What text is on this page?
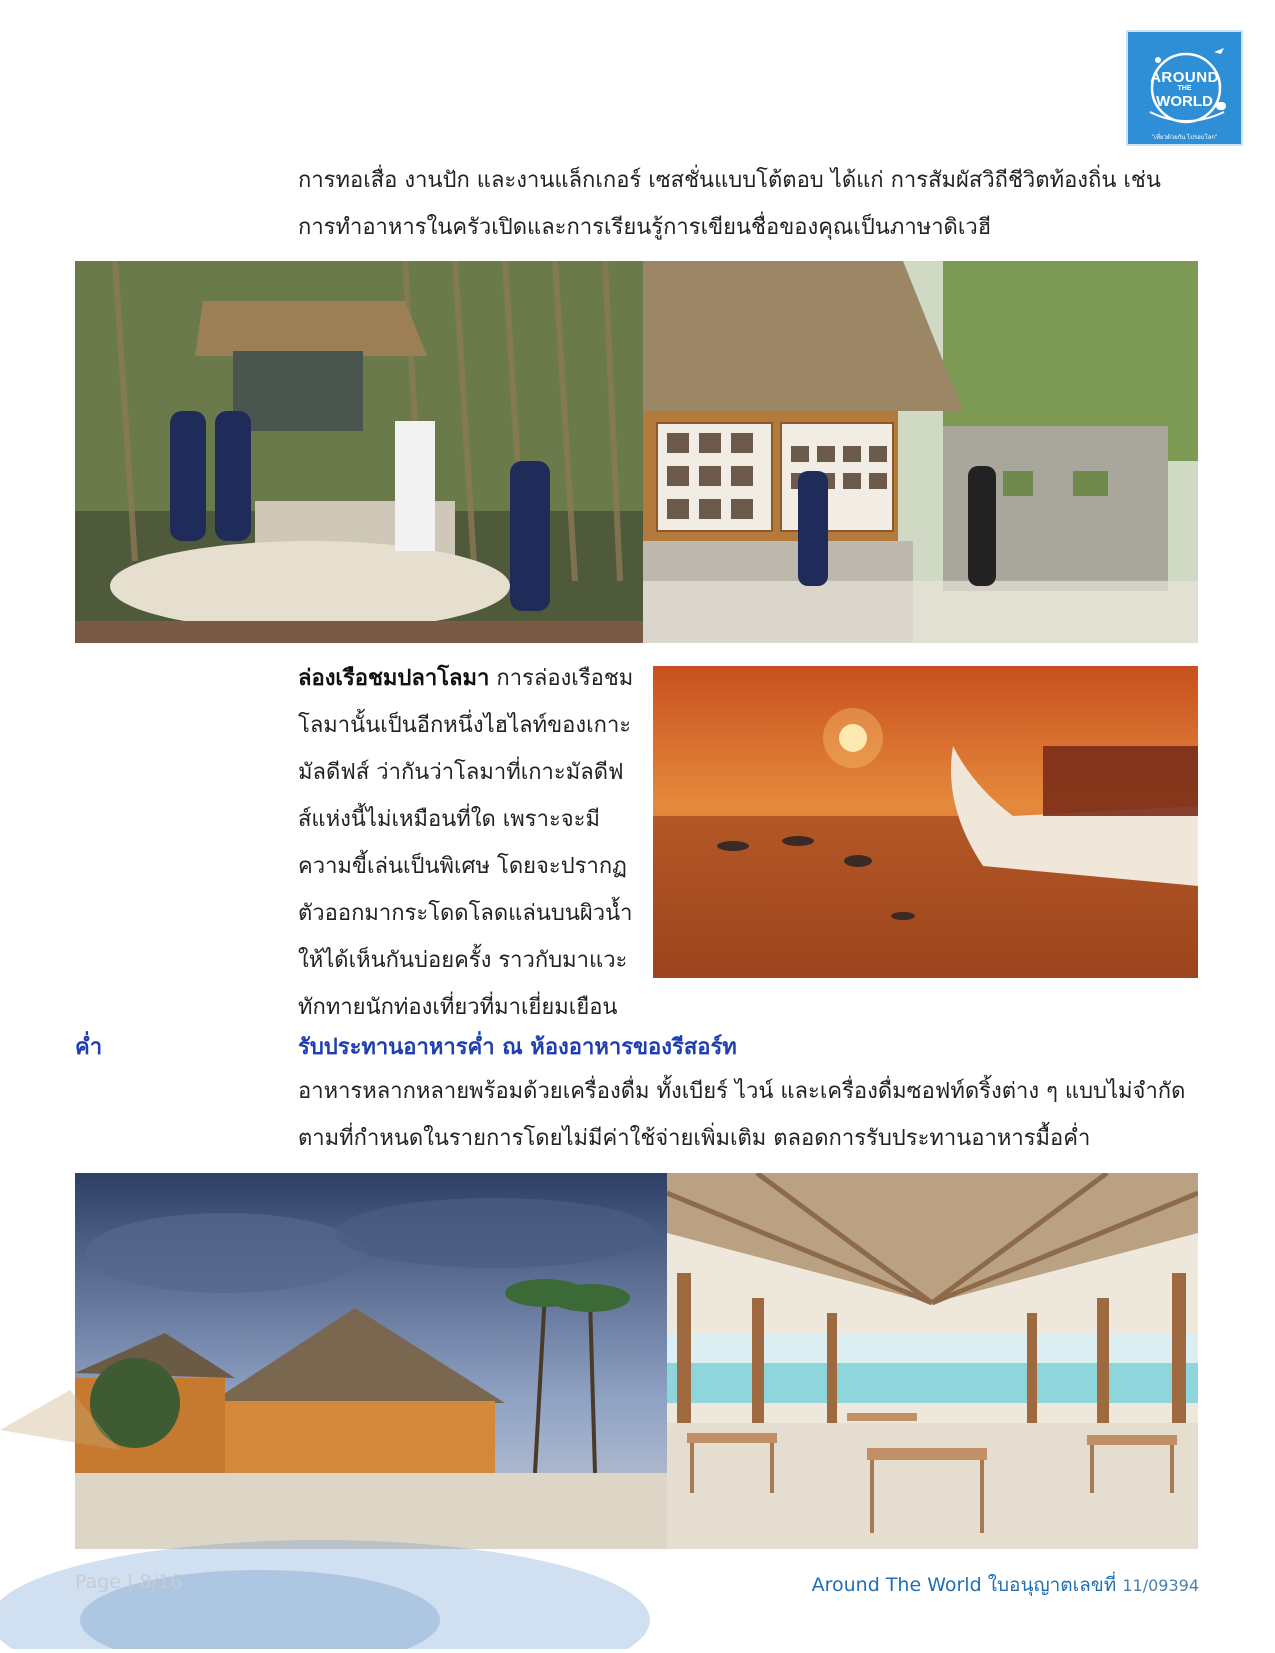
AROUND
THE
WORLD
"เที่ยวด้วยกัน ไปรอบโลก"
การทอเสื่อ งานปัก และงานแล็กเกอร์ เซสชั่นแบบโต้ตอบ ได้แก่ การสัมผัสวิถีชีวิตท้องถิ่น เช่น การทำอาหารในครัวเปิดและการเรียนรู้การเขียนชื่อของคุณเป็นภาษาดิเวฮี
ล่องเรือชมปลาโลมา การล่องเรือชมโลมานั้นเป็นอีกหนึ่งไฮไลท์ของเกาะมัลดีฟส์ ว่ากันว่าโลมาที่เกาะมัลดีฟส์แห่งนี้ไม่เหมือนที่ใด เพราะจะมีความขี้เล่นเป็นพิเศษ โดยจะปรากฏตัวออกมากระโดดโลดแล่นบนผิวน้ำให้ได้เห็นกันบ่อยครั้ง ราวกับมาแวะทักทายนักท่องเที่ยวที่มาเยี่ยมเยือน
ค่ำ	รับประทานอาหารค่ำ ณ ห้องอาหารของรีสอร์ท
อาหารหลากหลายพร้อมด้วยเครื่องดื่ม ทั้งเบียร์ ไวน์ และเครื่องดื่มซอฟท์ดริ้งต่าง ๆ แบบไม่จำกัดตามที่กำหนดในรายการโดยไม่มีค่าใช้จ่ายเพิ่มเติม ตลอดการรับประทานอาหารมื้อค่ำ
Page | 8/16	Around The World ใบอนุญาตเลขที่ 11/09394
